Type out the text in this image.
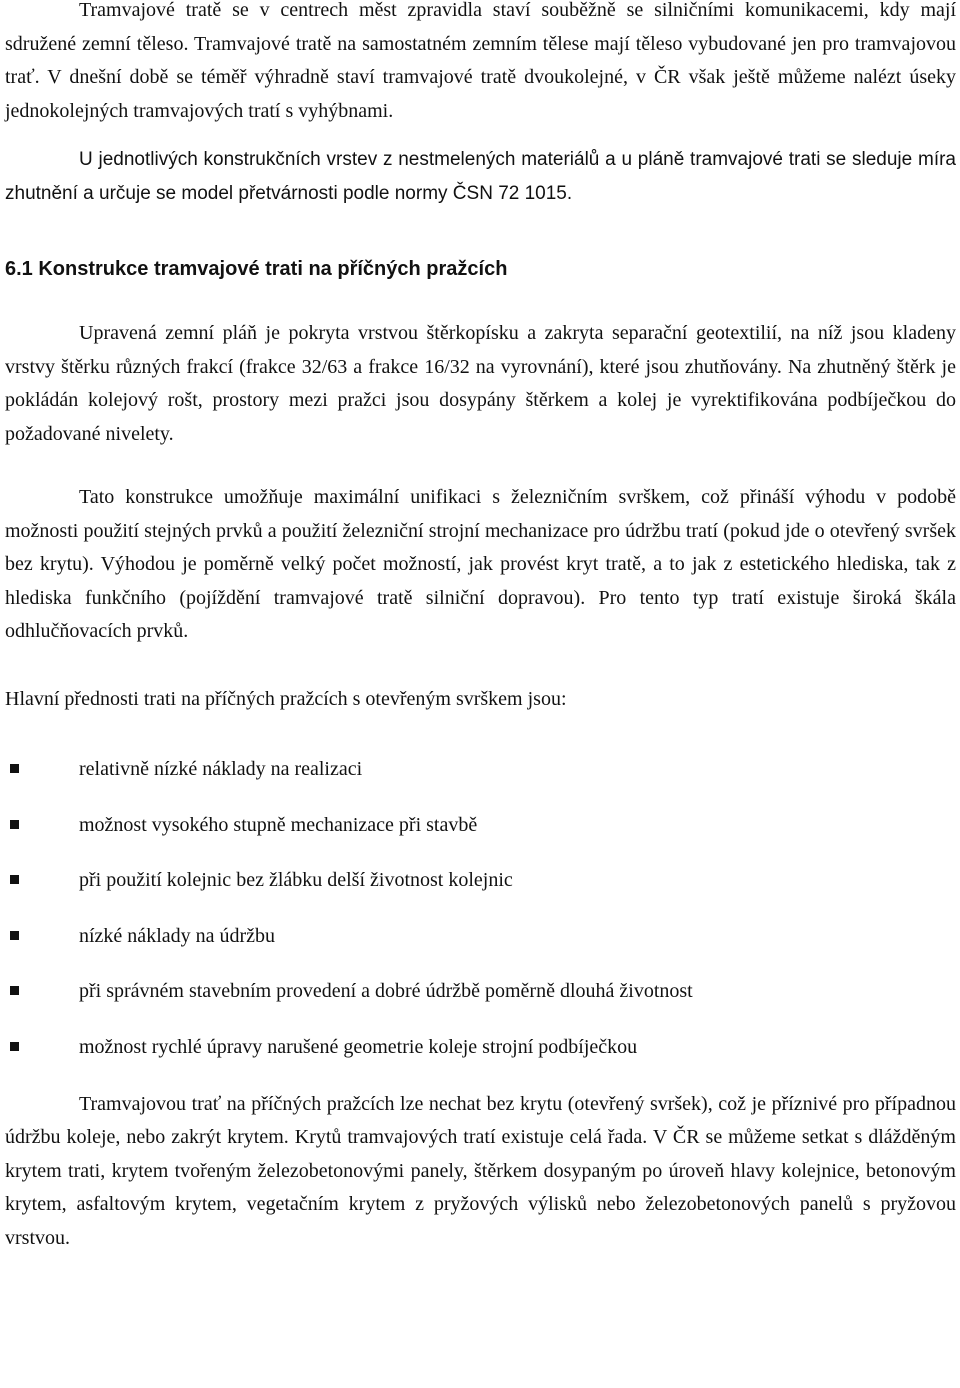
Tramvajové tratě se v centrech měst zpravidla staví souběžně se silničními komunikacemi, kdy mají sdružené zemní těleso. Tramvajové tratě na samostatném zemním tělese mají těleso vybudované jen pro tramvajovou trať. V dnešní době se téměř výhradně staví tramvajové tratě dvoukolejné, v ČR však ještě můžeme nalézt úseky jednokolejných tramvajových tratí s vyhýbnami.

U jednotlivých konstrukčních vrstev z nestmelených materiálů a u pláně tramvajové trati se sleduje míra zhutnění a určuje se model přetvárnosti podle normy ČSN 72 1015.

6.1 Konstrukce tramvajové trati na příčných pražcích

Upravená zemní pláň je pokryta vrstvou štěrkopísku a zakryta separační geotextilií, na níž jsou kladeny vrstvy štěrku různých frakcí (frakce 32/63 a frakce 16/32 na vyrovnání), které jsou zhutňovány. Na zhutněný štěrk je pokládán kolejový rošt, prostory mezi pražci jsou dosypány štěrkem a kolej je vyrektifikována podbíječkou do požadované nivelety.

Tato konstrukce umožňuje maximální unifikaci s železničním svrškem, což přináší výhodu v podobě možnosti použití stejných prvků a použití železniční strojní mechanizace pro údržbu tratí (pokud jde o otevřený svršek bez krytu). Výhodou je poměrně velký počet možností, jak provést kryt tratě, a to jak z estetického hlediska, tak z hlediska funkčního (pojíždění tramvajové tratě silniční dopravou). Pro tento typ tratí existuje široká škála odhlučňovacích prvků.

Hlavní přednosti trati na příčných pražcích s otevřeným svrškem jsou:

relativně nízké náklady na realizaci
možnost vysokého stupně mechanizace při stavbě
při použití kolejnic bez žlábku delší životnost kolejnic
nízké náklady na údržbu
při správném stavebním provedení a dobré údržbě poměrně dlouhá životnost
možnost rychlé úpravy narušené geometrie koleje strojní podbíječkou

Tramvajovou trať na příčných pražcích lze nechat bez krytu (otevřený svršek), což je příznivé pro případnou údržbu koleje, nebo zakrýt krytem. Krytů tramvajových tratí existuje celá řada. V ČR se můžeme setkat s dlážděným krytem trati, krytem tvořeným železobetonovými panely, štěrkem dosypaným po úroveň hlavy kolejnice, betonovým krytem, asfaltovým krytem, vegetačním krytem z pryžových výlisků nebo železobetonových panelů s pryžovou vrstvou.
